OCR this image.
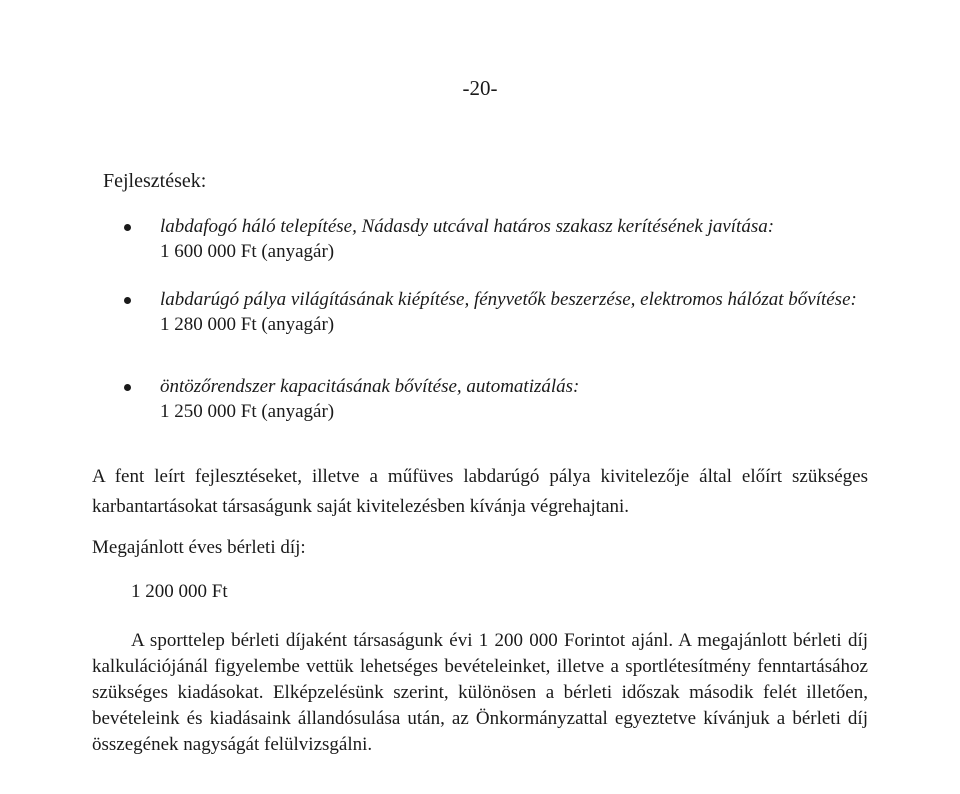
-20-
Fejlesztések:
labdafogó háló telepítése, Nádasdy utcával határos szakasz kerítésének javítása:
1 600 000 Ft (anyagár)
labdarúgó pálya világításának kiépítése, fényvetők beszerzése, elektromos hálózat bővítése:
1 280 000 Ft (anyagár)
öntözőrendszer kapacitásának bővítése, automatizálás:
1 250 000 Ft (anyagár)
A fent leírt fejlesztéseket, illetve a műfüves labdarúgó pálya kivitelezője által előírt szükséges karbantartásokat társaságunk saját kivitelezésben kívánja végrehajtani.
Megajánlott éves bérleti díj:
1 200 000 Ft
A sporttelep bérleti díjaként társaságunk évi 1 200 000 Forintot ajánl. A megajánlott bérleti díj kalkulációjánál figyelembe vettük lehetséges bevételeinket, illetve a sportlétesítmény fenntartásához szükséges kiadásokat. Elképzelésünk szerint, különösen a bérleti időszak második felét illetően, bevételeink és kiadásaink állandósulása után, az Önkormányzattal egyeztetve kívánjuk a bérleti díj összegének nagyságát felülvizsgálni.
